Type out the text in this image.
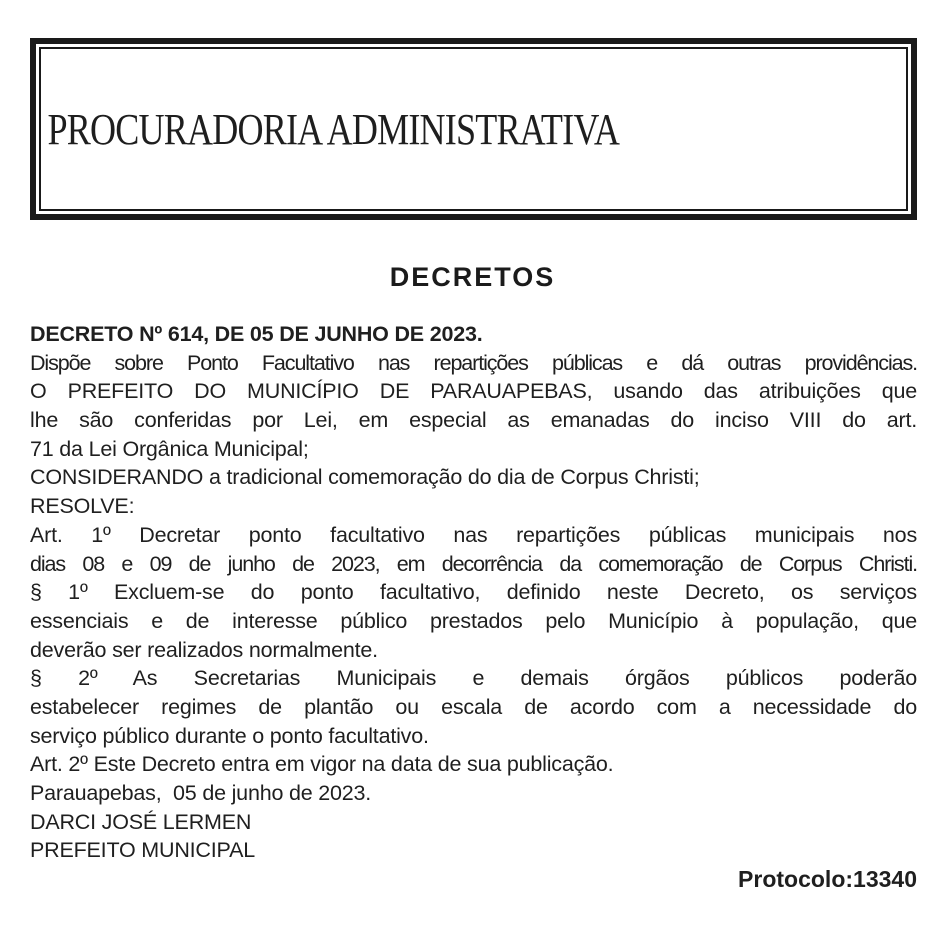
PROCURADORIA ADMINISTRATIVA
DECRETOS
DECRETO Nº 614, DE 05 DE JUNHO DE 2023.
Dispõe sobre Ponto Facultativo nas repartições públicas e dá outras providências.
O PREFEITO DO MUNICÍPIO DE PARAUAPEBAS, usando das atribuições que
lhe são conferidas por Lei, em especial as emanadas do inciso VIII do art.
71 da Lei Orgânica Municipal;
CONSIDERANDO a tradicional comemoração do dia de Corpus Christi;
RESOLVE:
Art. 1º Decretar ponto facultativo nas repartições públicas municipais nos
dias 08 e 09 de junho de 2023, em decorrência da comemoração de Corpus Christi.
§ 1º Excluem-se do ponto facultativo, definido neste Decreto, os serviços
essenciais e de interesse público prestados pelo Município à população, que
deverão ser realizados normalmente.
§ 2º As Secretarias Municipais e demais órgãos públicos poderão
estabelecer regimes de plantão ou escala de acordo com a necessidade do
serviço público durante o ponto facultativo.
Art. 2º Este Decreto entra em vigor na data de sua publicação.
Parauapebas,  05 de junho de 2023.
DARCI JOSÉ LERMEN
PREFEITO MUNICIPAL
Protocolo:13340
